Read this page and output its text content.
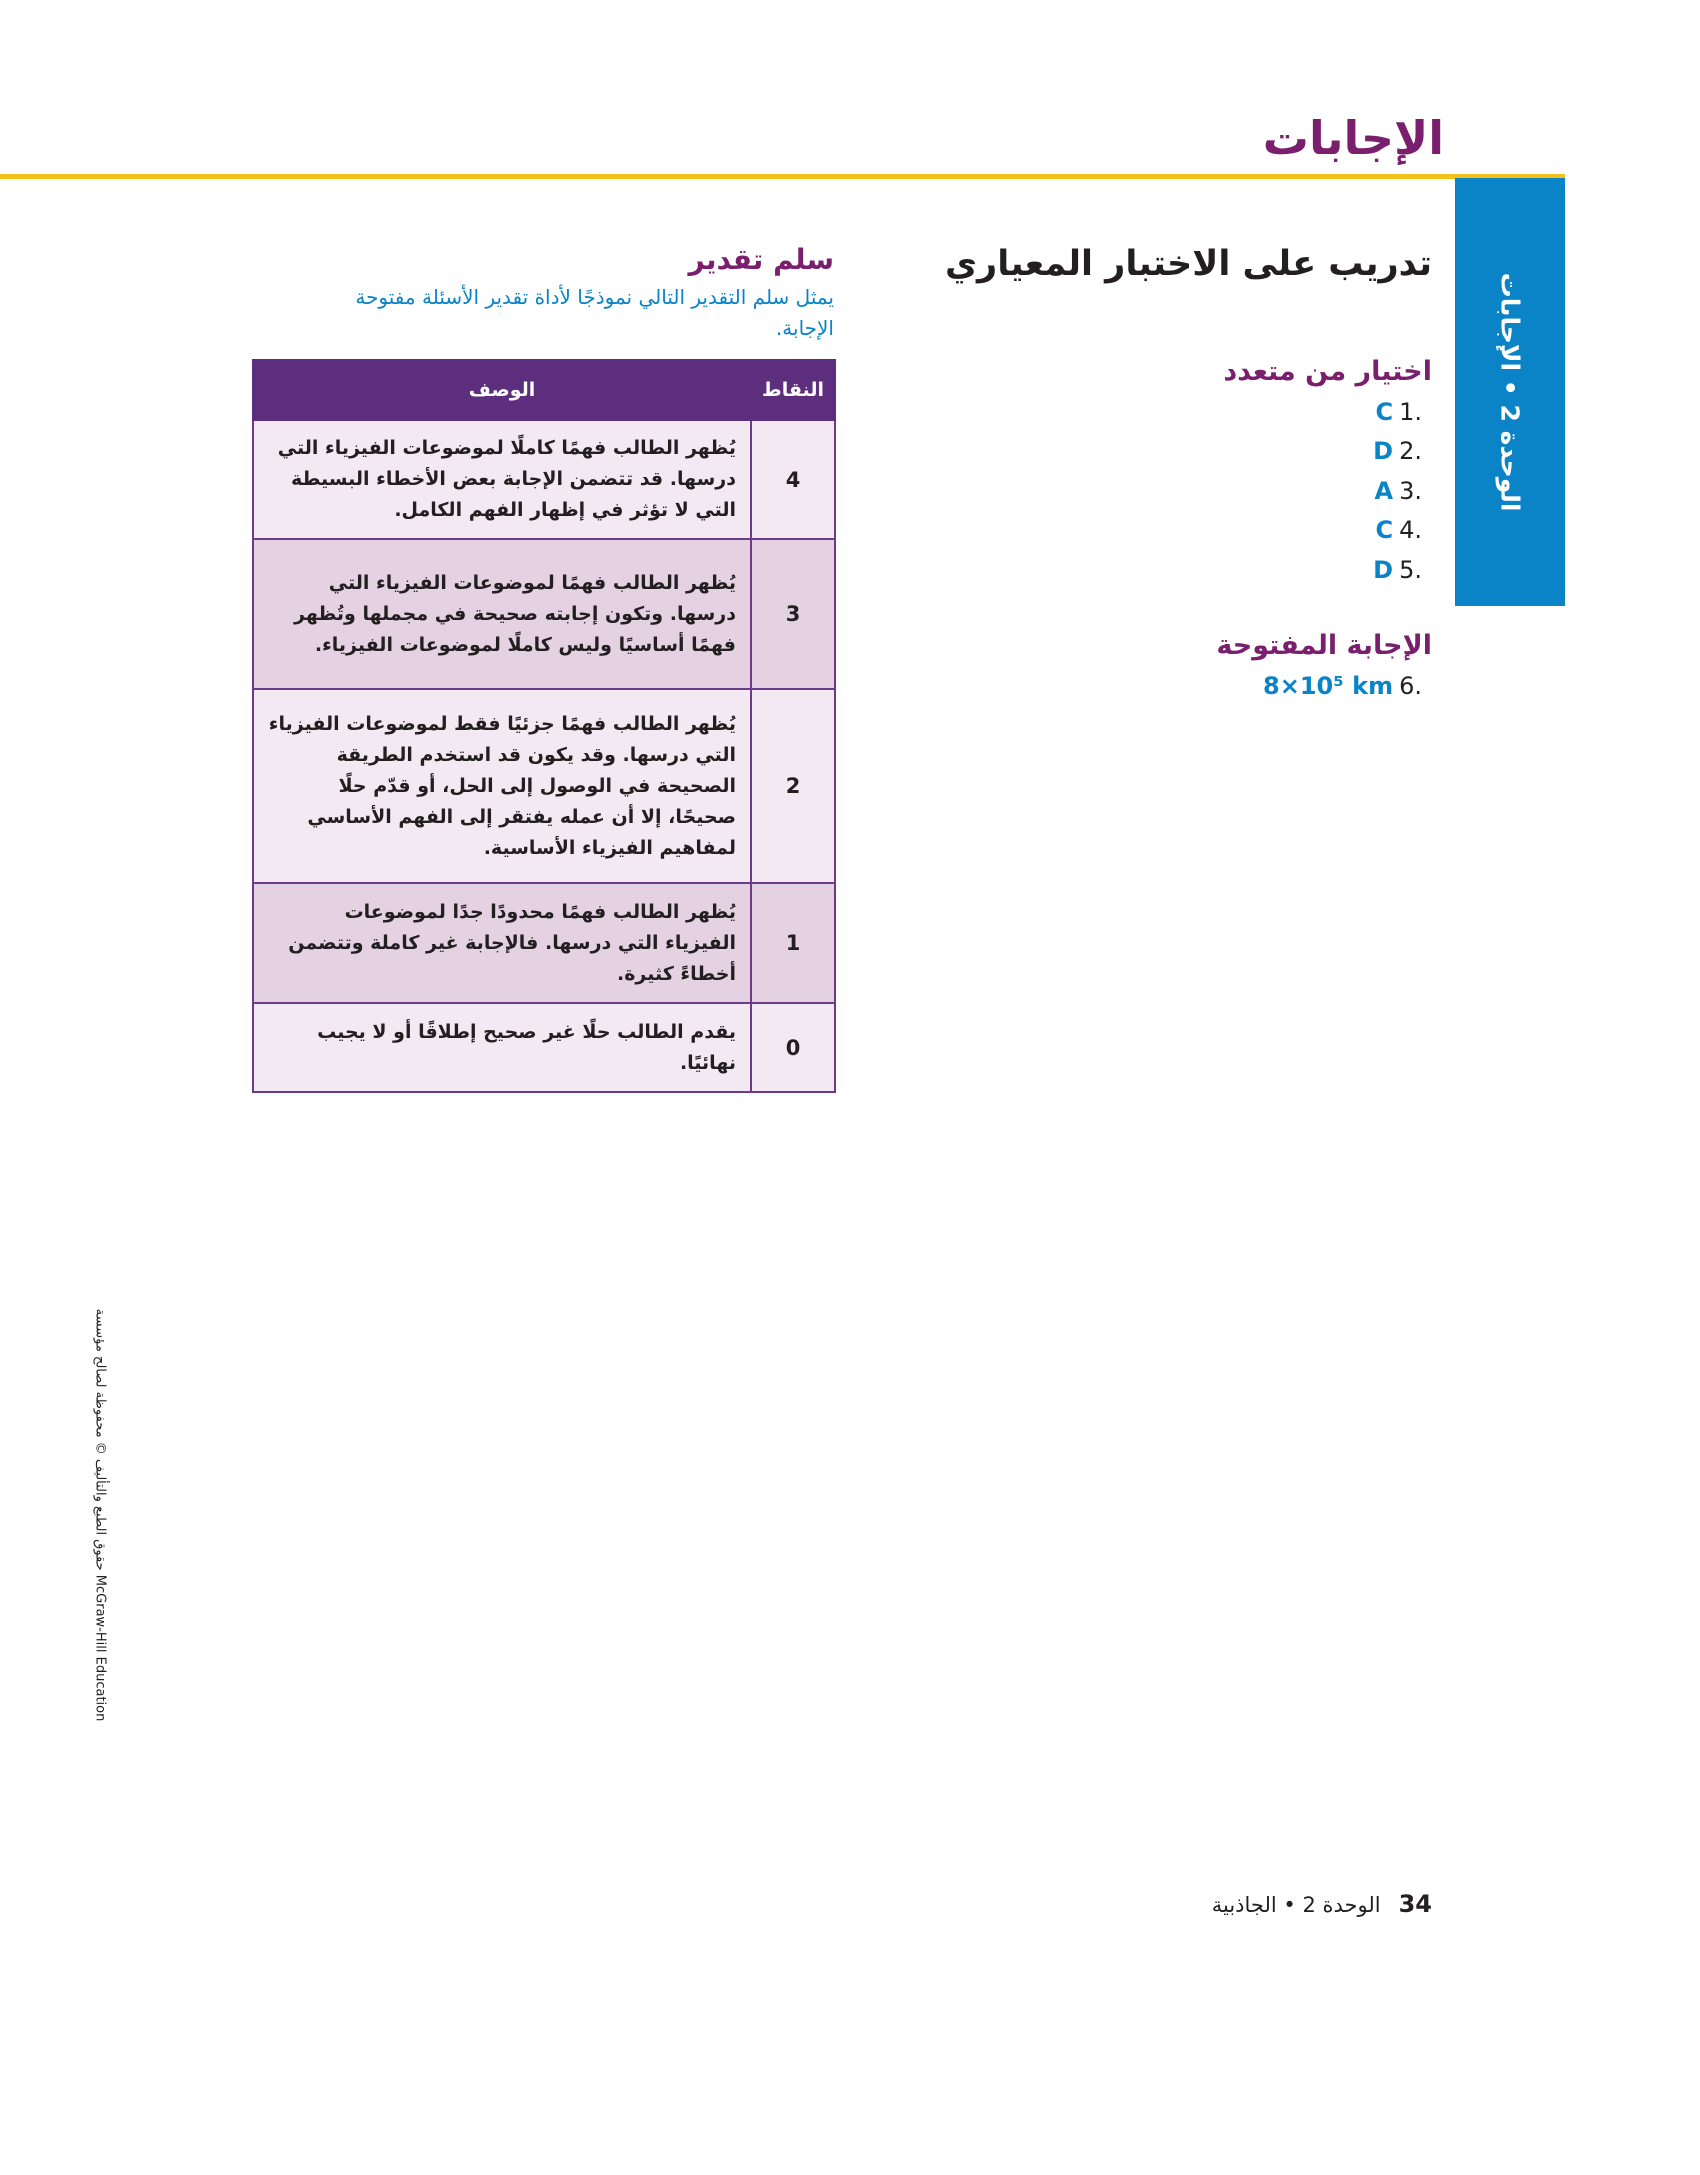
الإجابات
الوحدة 2 • الإجابات
تدريب على الاختبار المعياري
اختيار من متعدد
.1
C
.2
D
.3
A
.4
C
.5
D
الإجابة المفتوحة
.6
8×10⁵ km
سلم تقدير

يمثل سلم التقدير التالي نموذجًا لأداة تقدير الأسئلة مفتوحة الإجابة.

النقاط	الوصف
4	يُظهر الطالب فهمًا كاملًا لموضوعات الفيزياء التي درسها. قد تتضمن الإجابة بعض الأخطاء البسيطة التي لا تؤثر في إظهار الفهم الكامل.
3	يُظهر الطالب فهمًا لموضوعات الفيزياء التي درسها. وتكون إجابته صحيحة في مجملها وتُظهر فهمًا أساسيًا وليس كاملًا لموضوعات الفيزياء.
2	يُظهر الطالب فهمًا جزئيًا فقط لموضوعات الفيزياء التي درسها. وقد يكون قد استخدم الطريقة الصحيحة في الوصول إلى الحل، أو قدّم حلًا صحيحًا، إلا أن عمله يفتقر إلى الفهم الأساسي لمفاهيم الفيزياء الأساسية.
1	يُظهر الطالب فهمًا محدودًا جدًا لموضوعات الفيزياء التي درسها. فالإجابة غير كاملة وتتضمن أخطاءً كثيرة.
0	يقدم الطالب حلًا غير صحيح إطلاقًا أو لا يجيب نهائيًا.
34
الوحدة 2 • الجاذبية
حقوق الطبع والتأليف © محفوظة لصالح مؤسسة McGraw-Hill Education
